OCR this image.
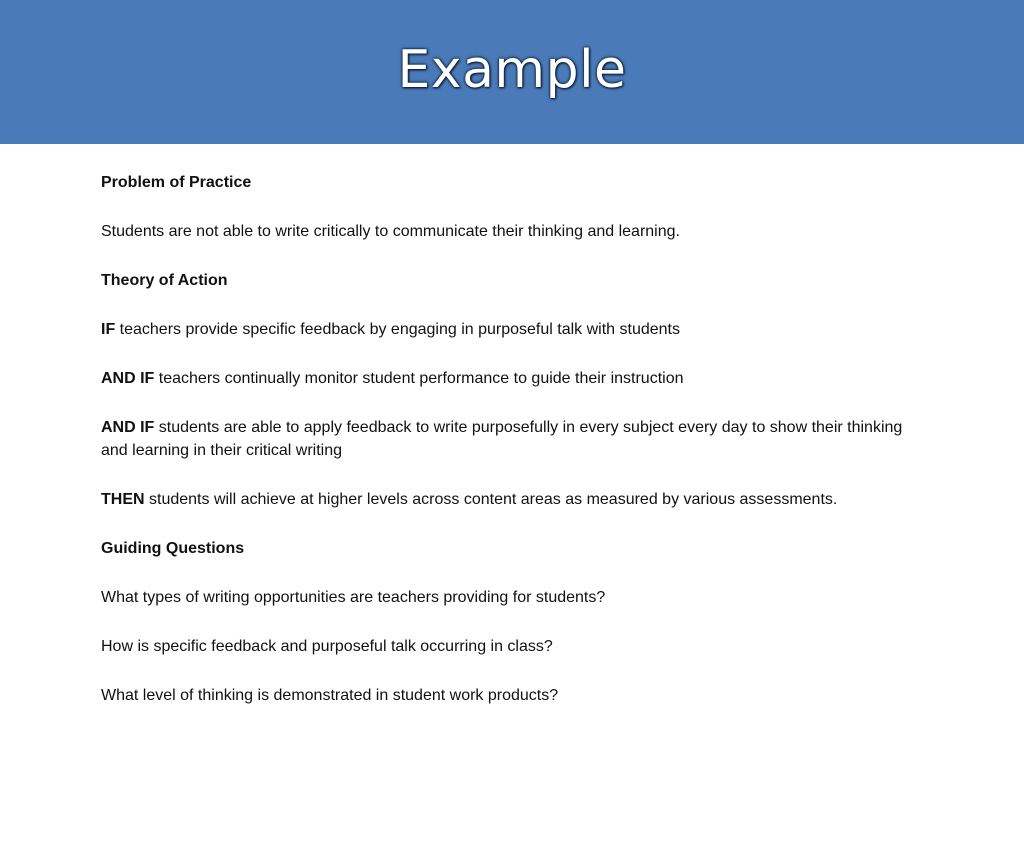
Example

Problem of Practice

Students are not able to write critically to communicate their thinking and learning.

Theory of Action

IF teachers provide specific feedback by engaging in purposeful talk with students

AND IF teachers continually monitor student performance to guide their instruction

AND IF students are able to apply feedback to write purposefully in every subject every day to show their thinking and learning in their critical writing

THEN students will achieve at higher levels across content areas as measured by various assessments.

Guiding Questions

What types of writing opportunities are teachers providing for students?

How is specific feedback and purposeful talk occurring in class?

What level of thinking is demonstrated in student work products?
